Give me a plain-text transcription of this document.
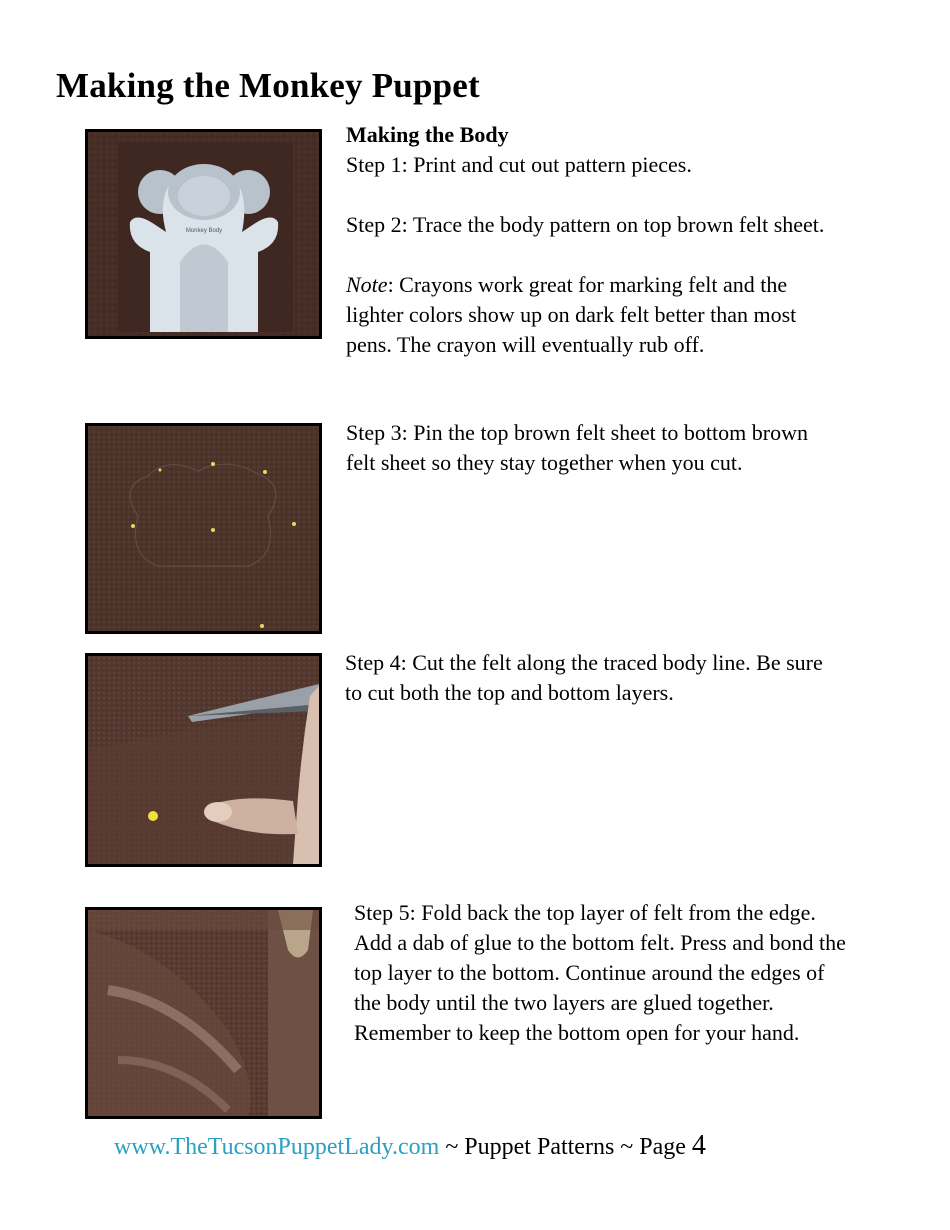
Making the Monkey Puppet
Monkey Body

Making the Body

Step 1: Print and cut out pattern pieces.

Step 2: Trace the body pattern on top brown felt sheet.

Note: Crayons work great for marking felt and the lighter colors show up on dark felt better than most pens. The crayon will eventually rub off.

Step 3: Pin the top brown felt sheet to bottom brown felt sheet so they stay together when you cut.
Step 4: Cut the felt along the traced body line. Be sure to cut both the top and bottom layers.
Step 5: Fold back the top layer of felt from the edge. Add a dab of glue to the bottom felt. Press and bond the top layer to the bottom. Continue around the edges of the body until the two layers are glued together. Remember to keep the bottom open for your hand.
www.TheTucsonPuppetLady.com ~ Puppet Patterns ~ Page 4
